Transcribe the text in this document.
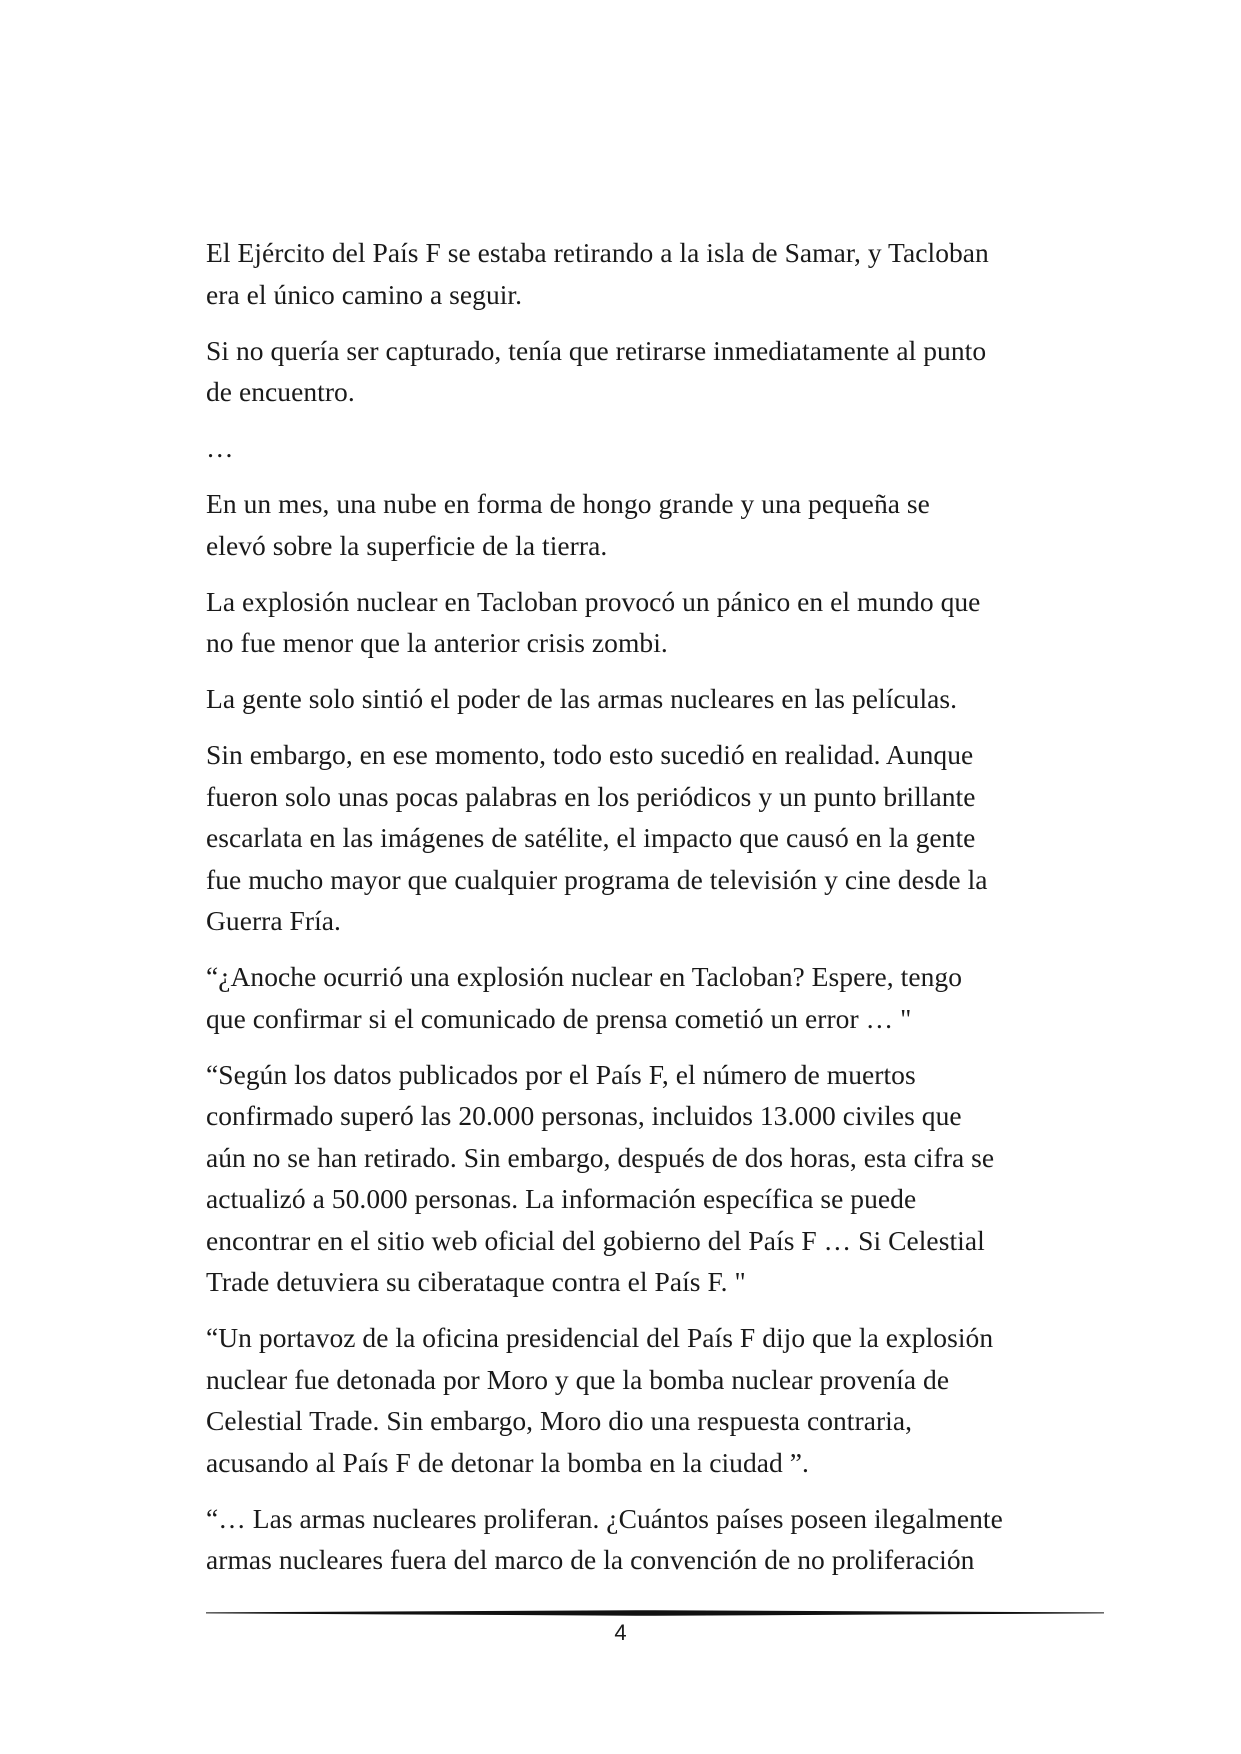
El Ejército del País F se estaba retirando a la isla de Samar, y Tacloban
era el único camino a seguir.

Si no quería ser capturado, tenía que retirarse inmediatamente al punto
de encuentro.

…

En un mes, una nube en forma de hongo grande y una pequeña se
elevó sobre la superficie de la tierra.

La explosión nuclear en Tacloban provocó un pánico en el mundo que
no fue menor que la anterior crisis zombi.

La gente solo sintió el poder de las armas nucleares en las películas.

Sin embargo, en ese momento, todo esto sucedió en realidad. Aunque
fueron solo unas pocas palabras en los periódicos y un punto brillante
escarlata en las imágenes de satélite, el impacto que causó en la gente
fue mucho mayor que cualquier programa de televisión y cine desde la
Guerra Fría.

“¿Anoche ocurrió una explosión nuclear en Tacloban? Espere, tengo
que confirmar si el comunicado de prensa cometió un error … "

“Según los datos publicados por el País F, el número de muertos
confirmado superó las 20.000 personas, incluidos 13.000 civiles que
aún no se han retirado. Sin embargo, después de dos horas, esta cifra se
actualizó a 50.000 personas. La información específica se puede
encontrar en el sitio web oficial del gobierno del País F … Si Celestial
Trade detuviera su ciberataque contra el País F. "

“Un portavoz de la oficina presidencial del País F dijo que la explosión
nuclear fue detonada por Moro y que la bomba nuclear provenía de
Celestial Trade. Sin embargo, Moro dio una respuesta contraria,
acusando al País F de detonar la bomba en la ciudad ”.

“… Las armas nucleares proliferan. ¿Cuántos países poseen ilegalmente
armas nucleares fuera del marco de la convención de no proliferación

4
